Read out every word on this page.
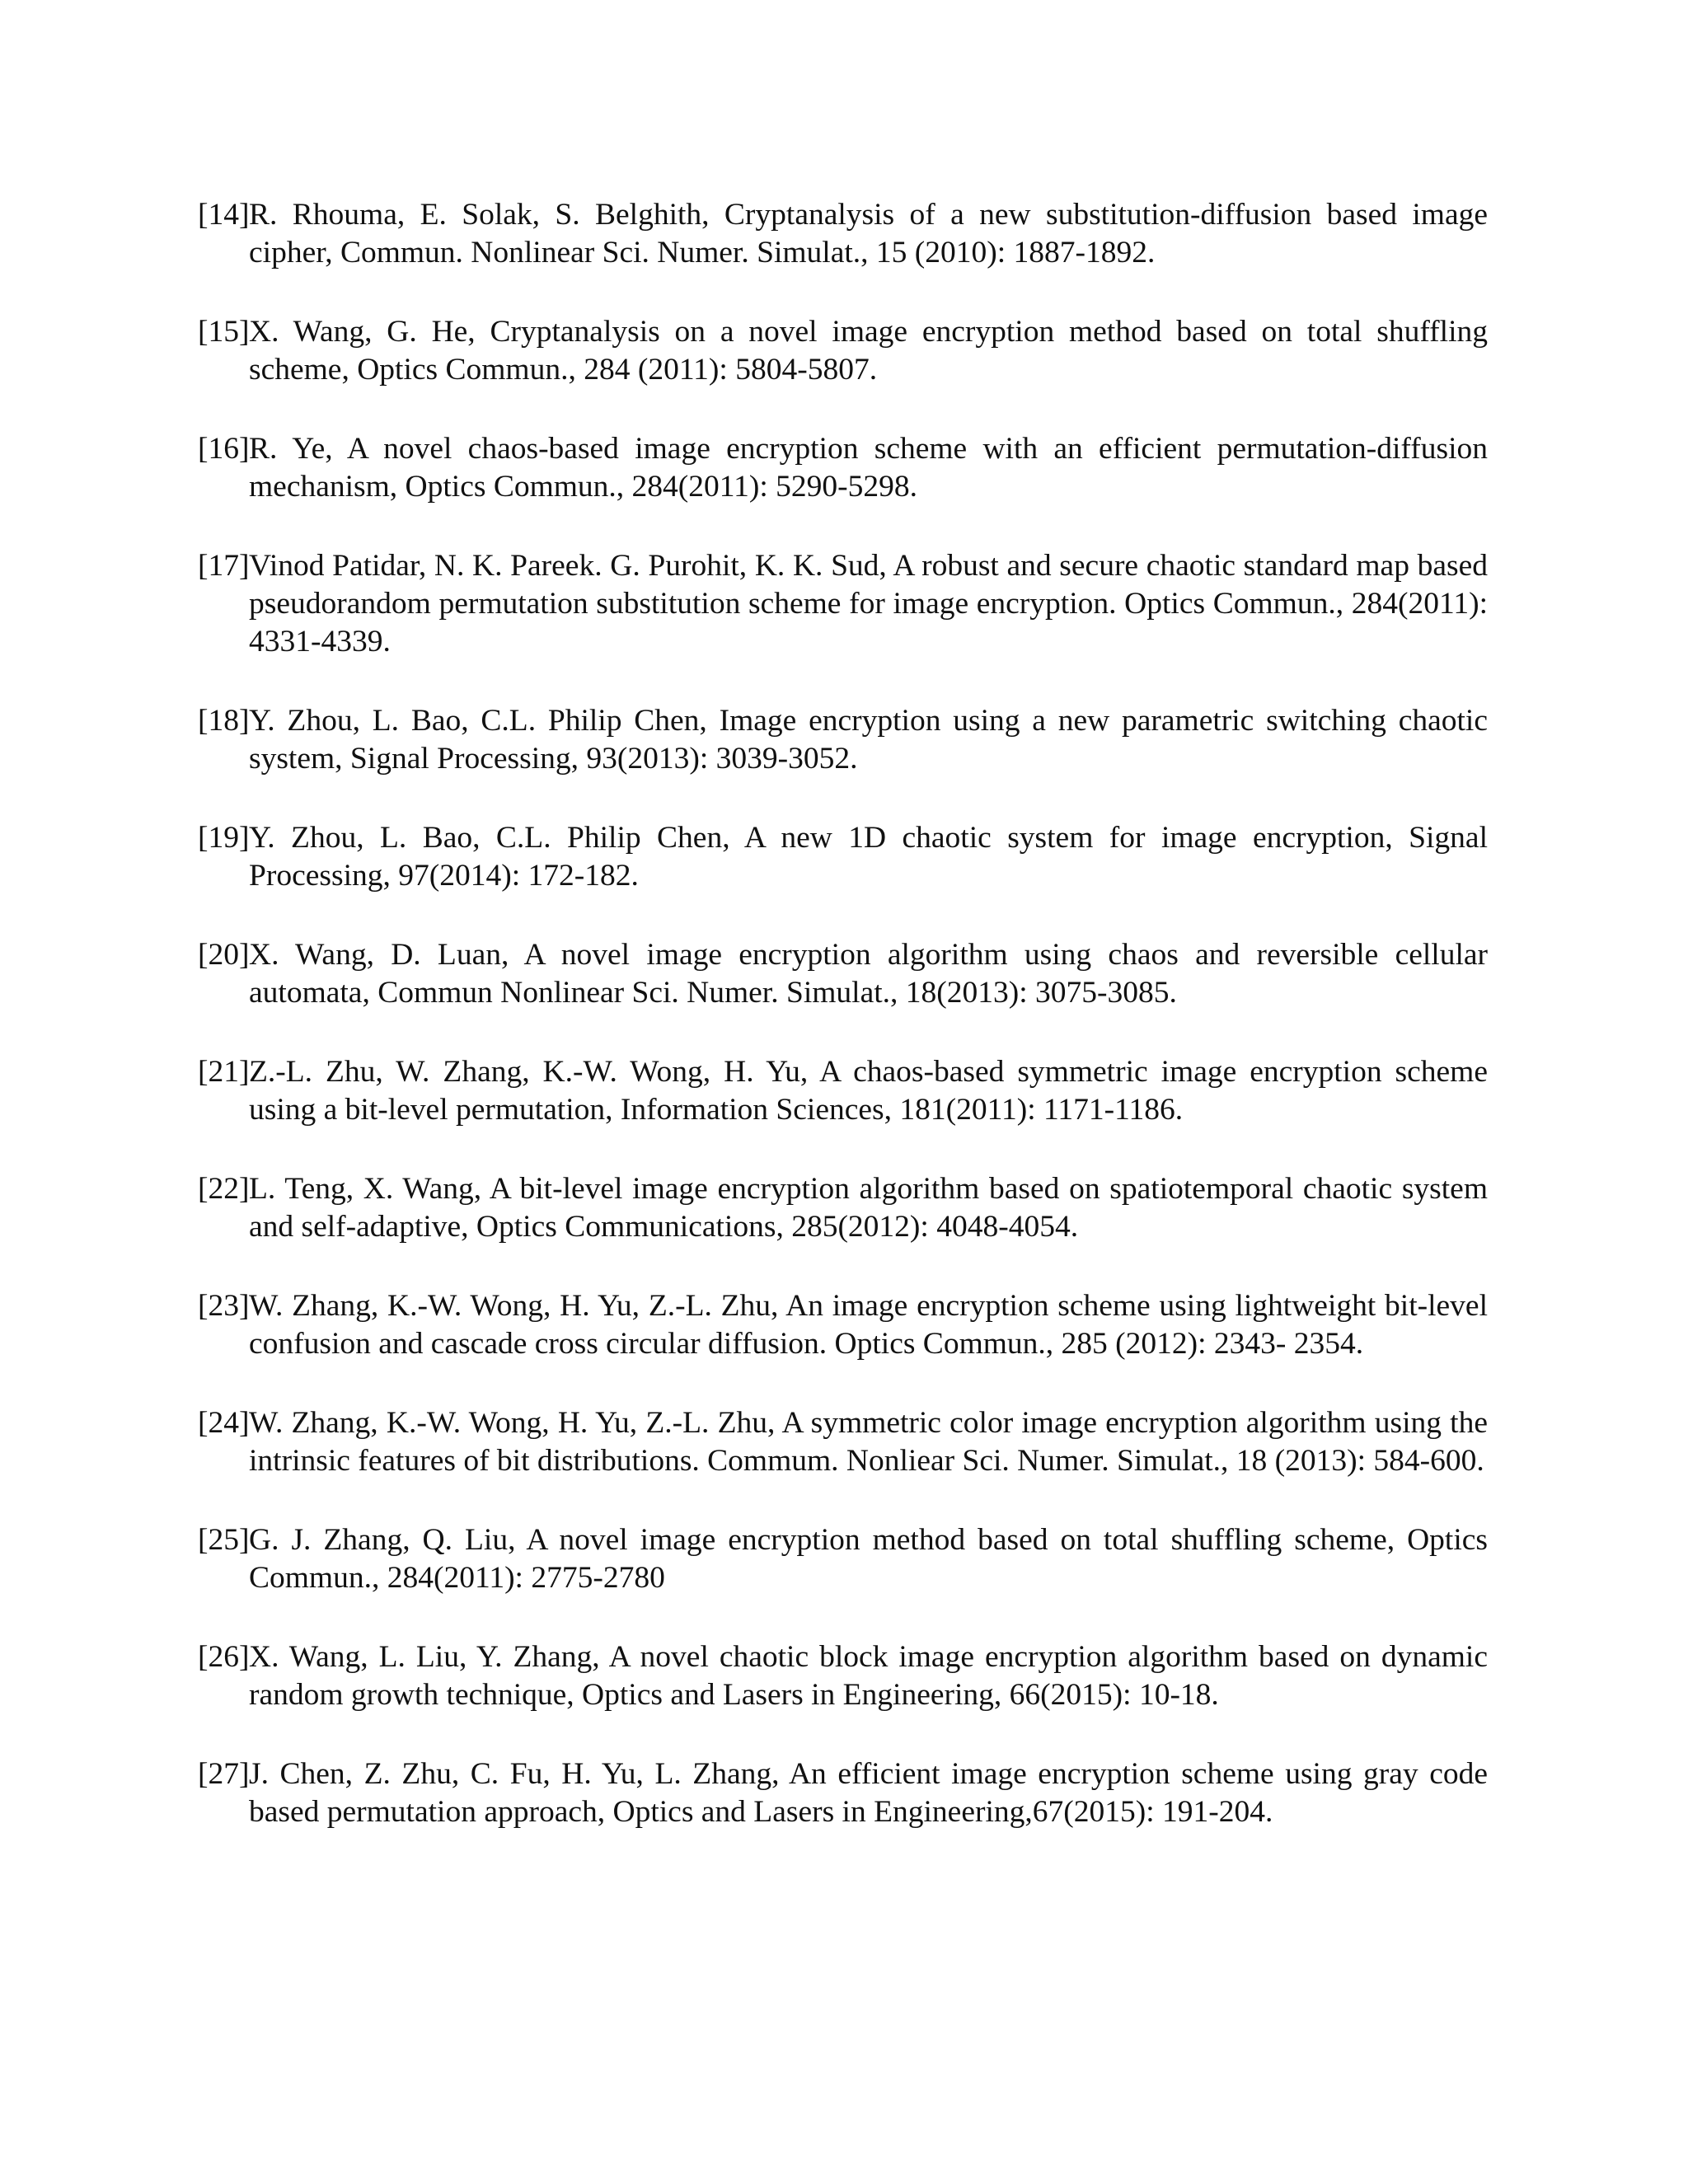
[14]R. Rhouma, E. Solak, S. Belghith, Cryptanalysis of a new substitution-diffusion based image cipher, Commun. Nonlinear Sci. Numer. Simulat., 15 (2010): 1887-1892.
[15]X. Wang, G. He, Cryptanalysis on a novel image encryption method based on total shuffling scheme, Optics Commun., 284 (2011): 5804-5807.
[16]R. Ye, A novel chaos-based image encryption scheme with an efficient permutation-diffusion mechanism, Optics Commun., 284(2011): 5290-5298.
[17]Vinod Patidar, N. K. Pareek. G. Purohit, K. K. Sud, A robust and secure chaotic standard map based pseudorandom permutation substitution scheme for image encryption. Optics Commun., 284(2011): 4331-4339.
[18]Y. Zhou, L. Bao, C.L. Philip Chen, Image encryption using a new parametric switching chaotic system, Signal Processing, 93(2013): 3039-3052.
[19]Y. Zhou, L. Bao, C.L. Philip Chen, A new 1D chaotic system for image encryption, Signal Processing, 97(2014): 172-182.
[20]X. Wang, D. Luan, A novel image encryption algorithm using chaos and reversible cellular automata, Commun Nonlinear Sci. Numer. Simulat., 18(2013): 3075-3085.
[21]Z.-L. Zhu, W. Zhang, K.-W. Wong, H. Yu, A chaos-based symmetric image encryption scheme using a bit-level permutation, Information Sciences, 181(2011): 1171-1186.
[22]L. Teng, X. Wang, A bit-level image encryption algorithm based on spatiotemporal chaotic system and self-adaptive, Optics Communications, 285(2012): 4048-4054.
[23]W. Zhang, K.-W. Wong, H. Yu, Z.-L. Zhu, An image encryption scheme using lightweight bit-level confusion and cascade cross circular diffusion. Optics Commun., 285 (2012): 2343- 2354.
[24]W. Zhang, K.-W. Wong, H. Yu, Z.-L. Zhu, A symmetric color image encryption algorithm using the intrinsic features of bit distributions. Commum. Nonliear Sci. Numer. Simulat., 18 (2013): 584-600.
[25]G. J. Zhang, Q. Liu, A novel image encryption method based on total shuffling scheme, Optics Commun., 284(2011): 2775-2780
[26]X. Wang, L. Liu, Y. Zhang, A novel chaotic block image encryption algorithm based on dynamic random growth technique, Optics and Lasers in Engineering, 66(2015): 10-18.
[27]J. Chen, Z. Zhu, C. Fu, H. Yu, L. Zhang, An efficient image encryption scheme using gray code based permutation approach, Optics and Lasers in Engineering,67(2015): 191-204.
